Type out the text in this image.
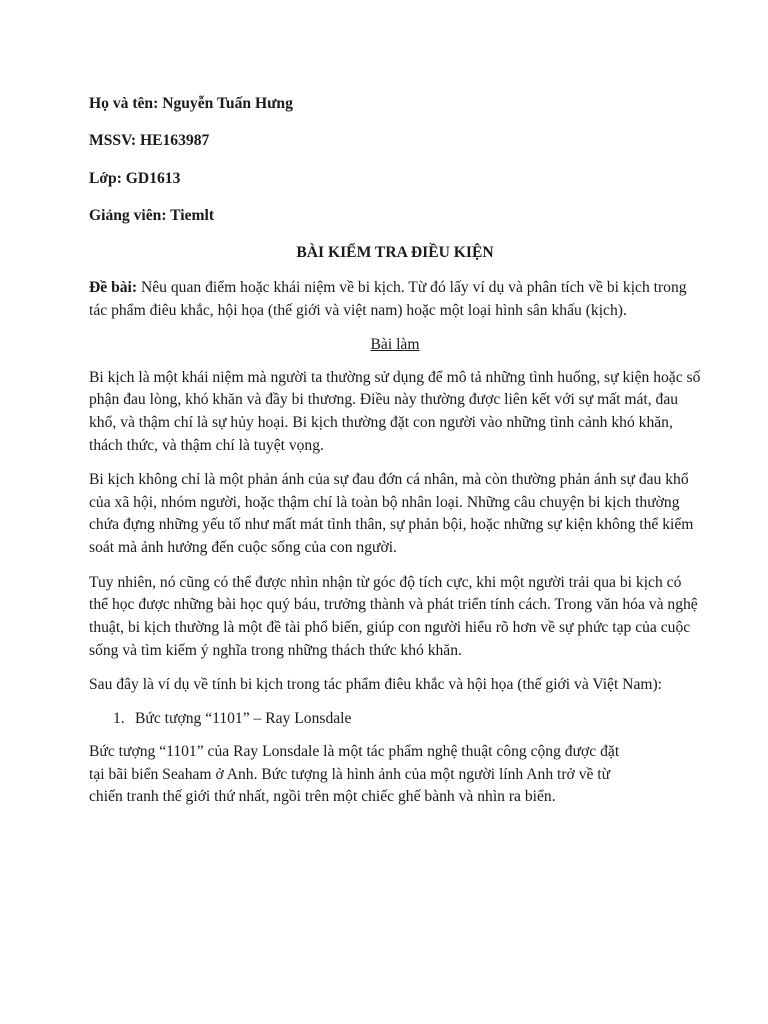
Họ và tên: Nguyễn Tuấn Hưng

MSSV: HE163987

Lớp: GD1613

Giảng viên: Tiemlt

BÀI KIỂM TRA ĐIỀU KIỆN

Đề bài: Nêu quan điểm hoặc khái niệm về bi kịch. Từ đó lấy ví dụ và phân tích về bi kịch trong tác phẩm điêu khắc, hội họa (thế giới và việt nam) hoặc một loại hình sân khấu (kịch).

Bài làm

Bi kịch là một khái niệm mà người ta thường sử dụng để mô tả những tình huống, sự kiện hoặc số phận đau lòng, khó khăn và đầy bi thương. Điều này thường được liên kết với sự mất mát, đau khổ, và thậm chí là sự hủy hoại. Bi kịch thường đặt con người vào những tình cảnh khó khăn, thách thức, và thậm chí là tuyệt vọng.

Bi kịch không chỉ là một phản ánh của sự đau đớn cá nhân, mà còn thường phản ánh sự đau khổ của xã hội, nhóm người, hoặc thậm chí là toàn bộ nhân loại. Những câu chuyện bi kịch thường chứa đựng những yếu tố như mất mát tình thân, sự phản bội, hoặc những sự kiện không thể kiểm soát mà ảnh hưởng đến cuộc sống của con người.

Tuy nhiên, nó cũng có thể được nhìn nhận từ góc độ tích cực, khi một người trải qua bi kịch có thể học được những bài học quý báu, trưởng thành và phát triển tính cách. Trong văn hóa và nghệ thuật, bi kịch thường là một đề tài phổ biến, giúp con người hiểu rõ hơn về sự phức tạp của cuộc sống và tìm kiếm ý nghĩa trong những thách thức khó khăn.

Sau đây là ví dụ về tính bi kịch trong tác phẩm điêu khắc và hội họa (thế giới và Việt Nam):

1. Bức tượng “1101” – Ray Lonsdale

Bức tượng “1101” của Ray Lonsdale là một tác phẩm nghệ thuật công cộng được đặt tại bãi biển Seaham ở Anh. Bức tượng là hình ảnh của một người lính Anh trở về từ chiến tranh thế giới thứ nhất, ngồi trên một chiếc ghế bành và nhìn ra biển.
